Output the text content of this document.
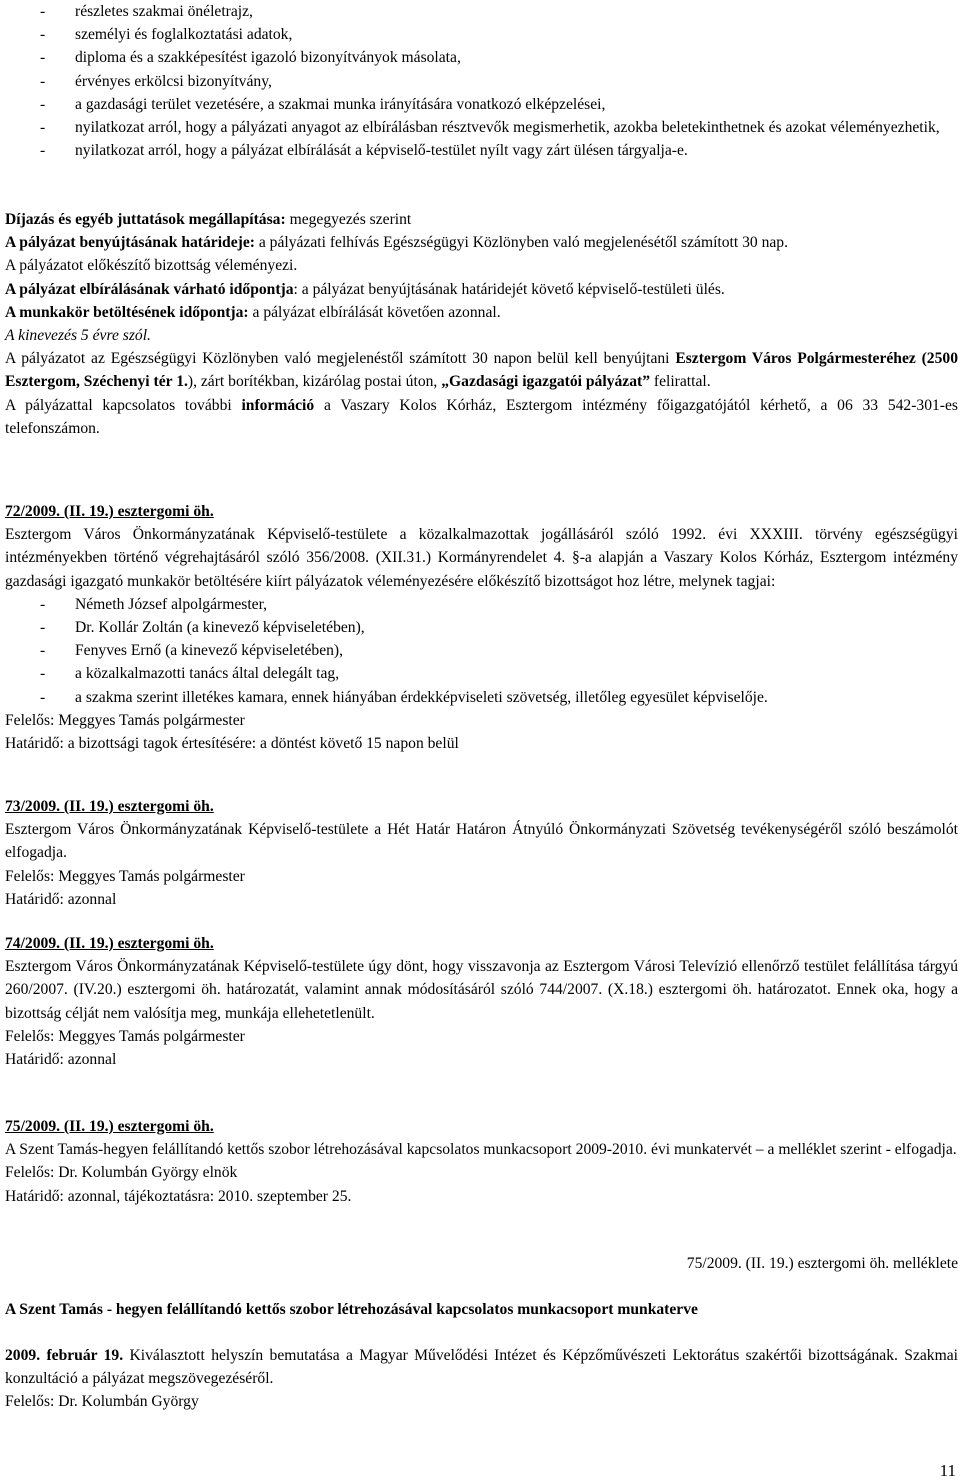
- részletes szakmai önéletrajz,
- személyi és foglalkoztatási adatok,
- diploma és a szakképesítést igazoló bizonyítványok másolata,
- érvényes erkölcsi bizonyítvány,
- a gazdasági terület vezetésére, a szakmai munka irányítására vonatkozó elképzelései,
- nyilatkozat arról, hogy a pályázati anyagot az elbírálásban résztvevők megismerhetik, azokba beletekinthetnek és azokat véleményezhetik,
- nyilatkozat arról, hogy a pályázat elbírálását a képviselő-testület nyílt vagy zárt ülésen tárgyalja-e.

Díjazás és egyéb juttatások megállapítása: megegyezés szerint

A pályázat benyújtásának határideje: a pályázati felhívás Egészségügyi Közlönyben való megjelenésétől számított 30 nap.

A pályázatot előkészítő bizottság véleményezi.

A pályázat elbírálásának várható időpontja: a pályázat benyújtásának határidejét követő képviselő-testületi ülés.

A munkakör betöltésének időpontja: a pályázat elbírálását követően azonnal.

A kinevezés 5 évre szól.

A pályázatot az Egészségügyi Közlönyben való megjelenéstől számított 30 napon belül kell benyújtani Esztergom Város Polgármesteréhez (2500 Esztergom, Széchenyi tér 1.), zárt borítékban, kizárólag postai úton, „Gazdasági igazgatói pályázat” felirattal.

A pályázattal kapcsolatos további információ a Vaszary Kolos Kórház, Esztergom intézmény főigazgatójától kérhető, a 06 33 542-301-es telefonszámon.

72/2009. (II. 19.) esztergomi öh.

Esztergom Város Önkormányzatának Képviselő-testülete a közalkalmazottak jogállásáról szóló 1992. évi XXXIII. törvény egészségügyi intézményekben történő végrehajtásáról szóló 356/2008. (XII.31.) Kormányrendelet 4. §-a alapján a Vaszary Kolos Kórház, Esztergom intézmény gazdasági igazgató munkakör betöltésére kiírt pályázatok véleményezésére előkészítő bizottságot hoz létre, melynek tagjai:

- Németh József alpolgármester,
- Dr. Kollár Zoltán (a kinevező képviseletében),
- Fenyves Ernő (a kinevező képviseletében),
- a közalkalmazotti tanács által delegált tag,
- a szakma szerint illetékes kamara, ennek hiányában érdekképviseleti szövetség, illetőleg egyesület képviselője.

Felelős: Meggyes Tamás polgármester

Határidő: a bizottsági tagok értesítésére: a döntést követő 15 napon belül

73/2009. (II. 19.) esztergomi öh.

Esztergom Város Önkormányzatának Képviselő-testülete a Hét Határ Határon Átnyúló Önkormányzati Szövetség tevékenységéről szóló beszámolót elfogadja.

Felelős: Meggyes Tamás polgármester

Határidő: azonnal

74/2009. (II. 19.) esztergomi öh.

Esztergom Város Önkormányzatának Képviselő-testülete úgy dönt, hogy visszavonja az Esztergom Városi Televízió ellenőrző testület felállítása tárgyú 260/2007. (IV.20.) esztergomi öh. határozatát, valamint annak módosításáról szóló 744/2007. (X.18.) esztergomi öh. határozatot. Ennek oka, hogy a bizottság célját nem valósítja meg, munkája ellehetetlenült.

Felelős: Meggyes Tamás polgármester

Határidő: azonnal

75/2009. (II. 19.) esztergomi öh.

A Szent Tamás-hegyen felállítandó kettős szobor létrehozásával kapcsolatos munkacsoport 2009-2010. évi munkatervét – a melléklet szerint - elfogadja.

Felelős: Dr. Kolumbán György elnök

Határidő: azonnal, tájékoztatásra: 2010. szeptember 25.

75/2009. (II. 19.) esztergomi öh. melléklete
A Szent Tamás - hegyen felállítandó kettős szobor létrehozásával kapcsolatos munkacsoport munkaterve

2009. február 19. Kiválasztott helyszín bemutatása a Magyar Művelődési Intézet és Képzőművészeti Lektorátus szakértői bizottságának. Szakmai konzultáció a pályázat megszövegezéséről.

Felelős: Dr. Kolumbán György

11
